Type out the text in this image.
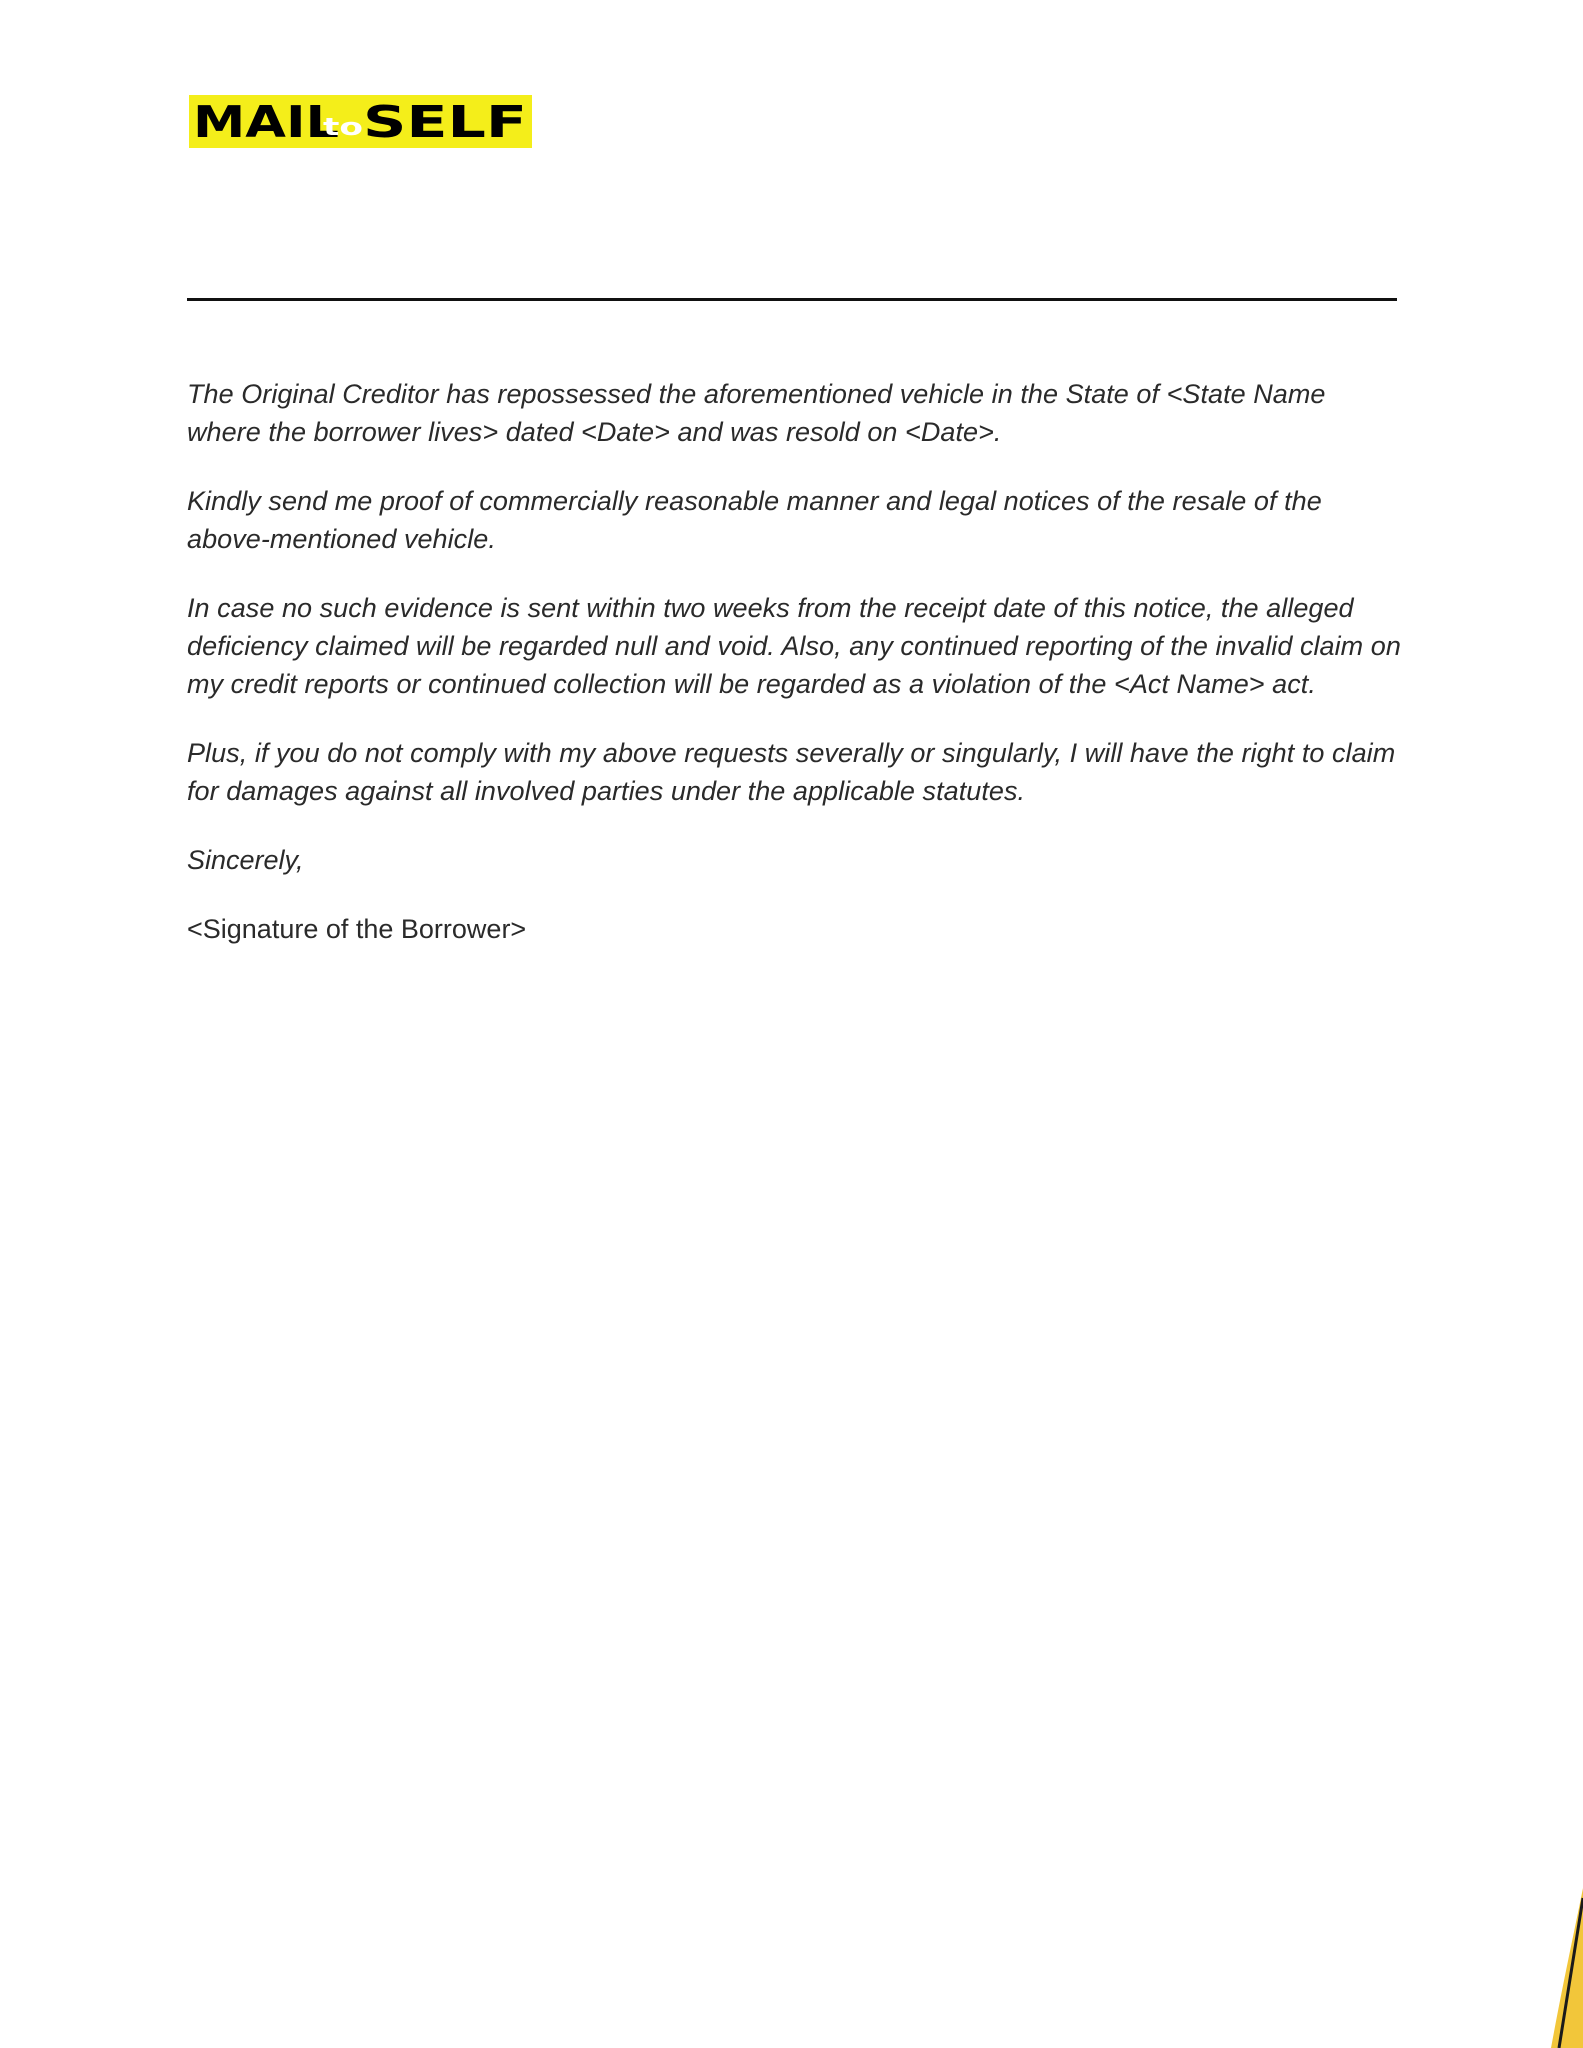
MAIL
to SELF

The Original Creditor has repossessed the aforementioned vehicle in the State of <State Name where the borrower lives> dated <Date> and was resold on <Date>.

Kindly send me proof of commercially reasonable manner and legal notices of the resale of the above-mentioned vehicle.

In case no such evidence is sent within two weeks from the receipt date of this notice, the alleged deficiency claimed will be regarded null and void. Also, any continued reporting of the invalid claim on my credit reports or continued collection will be regarded as a violation of the <Act Name> act.

Plus, if you do not comply with my above requests severally or singularly, I will have the right to claim for damages against all involved parties under the applicable statutes.

Sincerely,

<Signature of the Borrower>
